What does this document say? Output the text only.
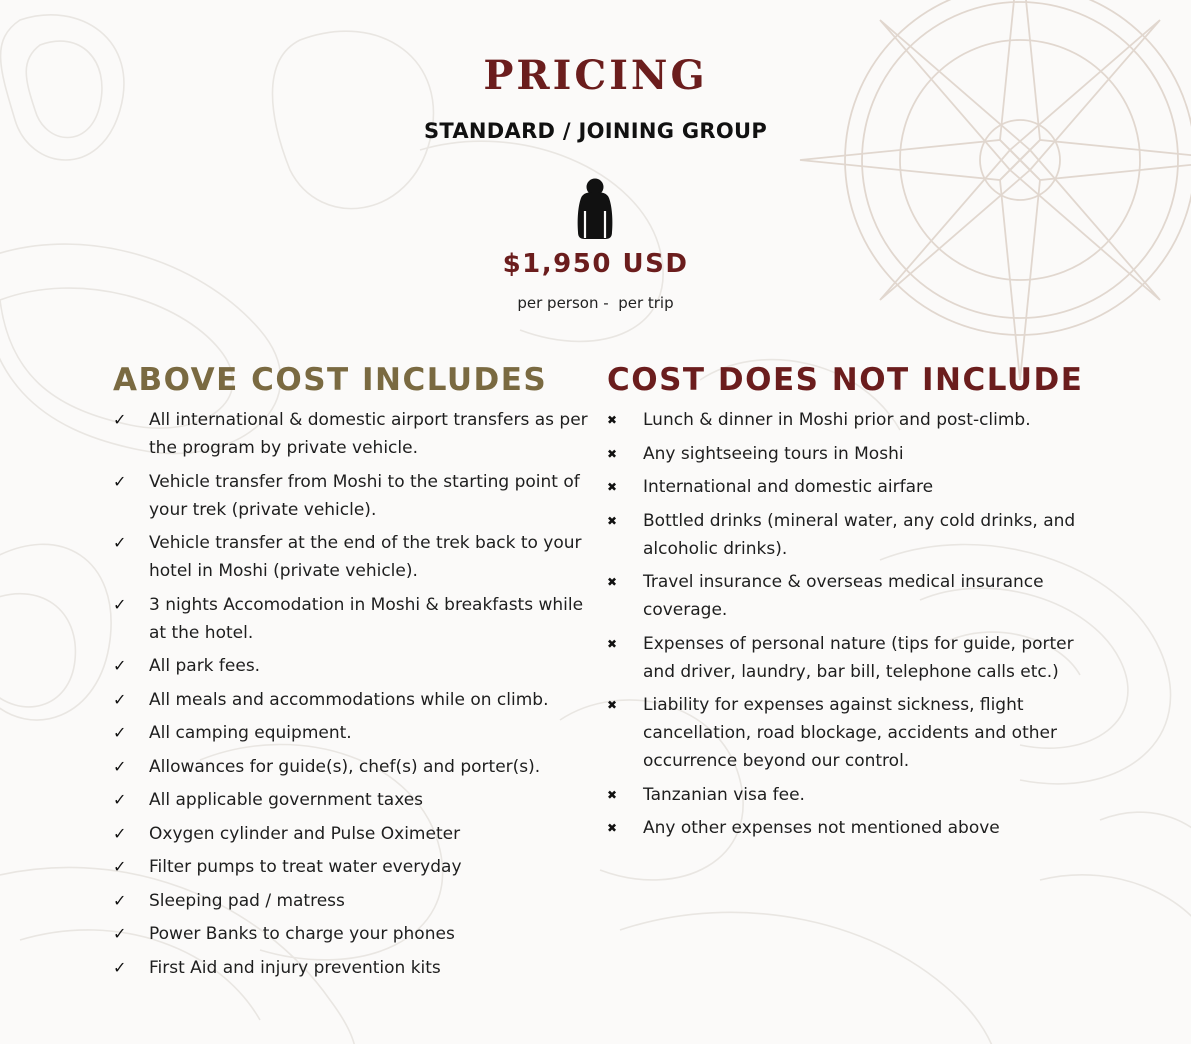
PRICING
STANDARD / JOINING GROUP
$1,950 USD
per person -  per trip
ABOVE COST INCLUDES
✓	All international & domestic airport transfers as per the program by private vehicle.
✓	Vehicle transfer from Moshi to the starting point of your trek (private vehicle).
✓	Vehicle transfer at the end of the trek back to your hotel in Moshi (private vehicle).
✓	3 nights Accomodation in Moshi & breakfasts while at the hotel.
✓	All park fees.
✓	All meals and accommodations while on climb.
✓	All camping equipment.
✓	Allowances for guide(s), chef(s) and porter(s).
✓	All applicable government taxes
✓	Oxygen cylinder and Pulse Oximeter
✓	Filter pumps to treat water everyday
✓	Sleeping pad / matress
✓	Power Banks to charge your phones
✓	First Aid and injury prevention kits
COST DOES NOT INCLUDE
✖	Lunch & dinner in Moshi prior and post-climb.
✖	Any sightseeing tours in Moshi
✖	International and domestic airfare
✖	Bottled drinks (mineral water, any cold drinks, and alcoholic drinks).
✖	Travel insurance & overseas medical insurance coverage.
✖	Expenses of personal nature (tips for guide, porter and driver, laundry, bar bill, telephone calls etc.)
✖	Liability for expenses against sickness, flight cancellation, road blockage, accidents and other occurrence beyond our control.
✖	Tanzanian visa fee.
✖	Any other expenses not mentioned above
